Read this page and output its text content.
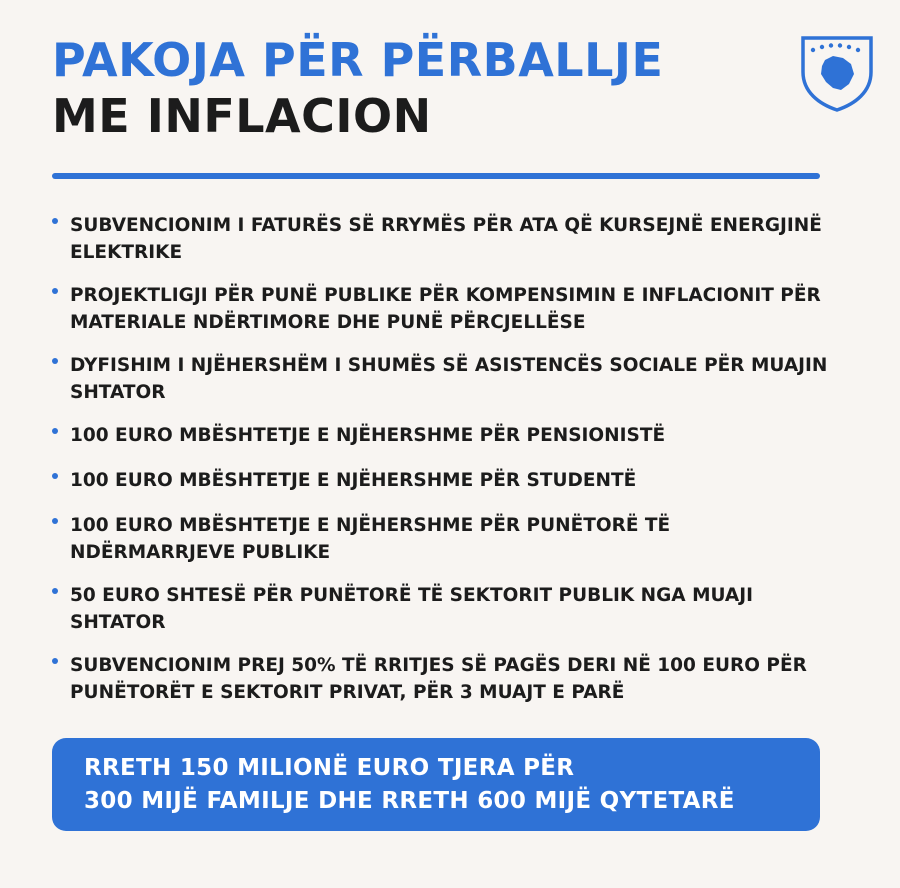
PAKOJA PËR PËRBALLJE
ME INFLACION
SUBVENCIONIM I FATURËS SË RRYMËS PËR ATA QË KURSEJNË ENERGJINË ELEKTRIKE
PROJEKTLIGJI PËR PUNË PUBLIKE PËR KOMPENSIMIN E INFLACIONIT PËR MATERIALE NDËRTIMORE DHE PUNË PËRCJELLËSE
DYFISHIM I NJËHERSHËM I SHUMËS SË ASISTENCËS SOCIALE PËR MUAJIN SHTATOR
100 EURO MBËSHTETJE E NJËHERSHME PËR PENSIONISTË
100 EURO MBËSHTETJE E NJËHERSHME PËR STUDENTË
100 EURO MBËSHTETJE E NJËHERSHME PËR PUNËTORË TË NDËRMARRJEVE PUBLIKE
50 EURO SHTESË PËR PUNËTORË TË SEKTORIT PUBLIK NGA MUAJI SHTATOR
SUBVENCIONIM PREJ 50% TË RRITJES SË PAGËS DERI NË 100 EURO PËR PUNËTORËT E SEKTORIT PRIVAT, PËR 3 MUAJT E PARË
RRETH 150 MILIONË EURO TJERA PËR
300 MIJË FAMILJE DHE RRETH 600 MIJË QYTETARË
